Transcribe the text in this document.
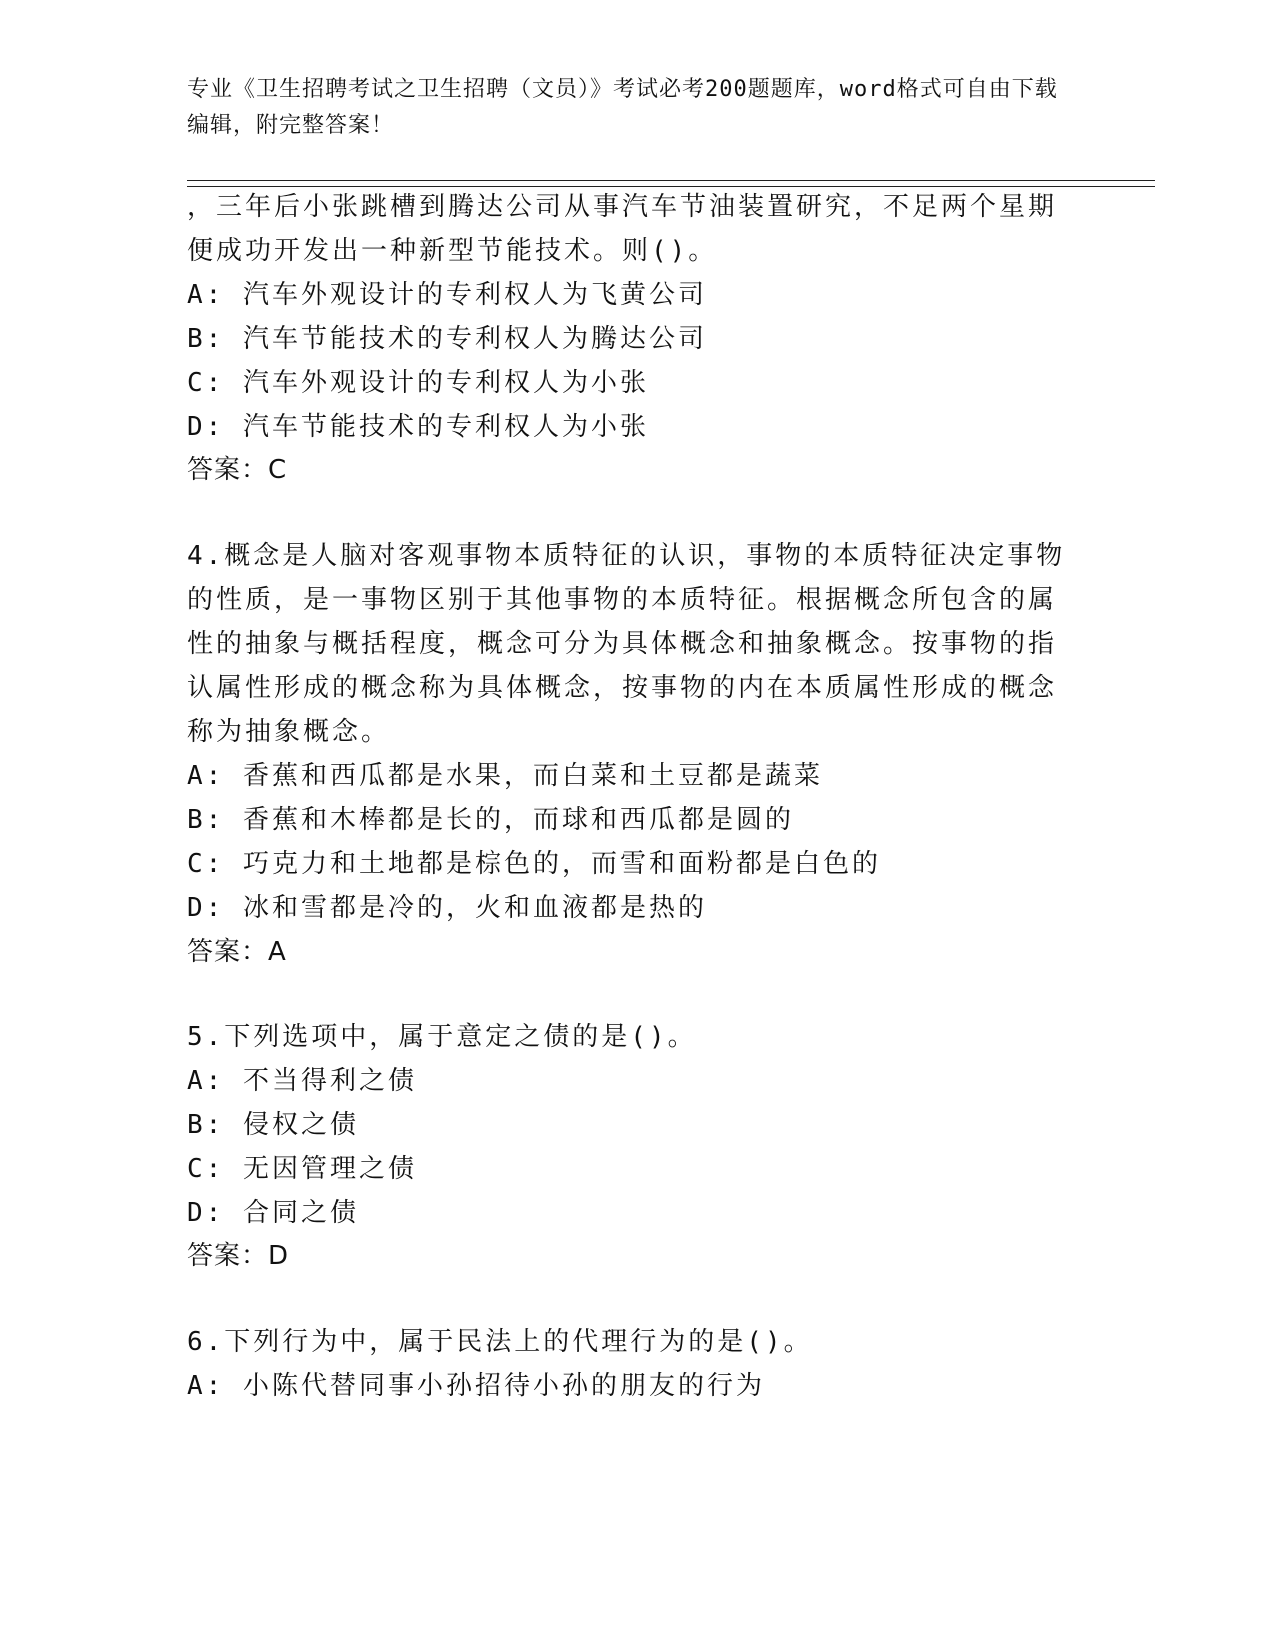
专业《卫生招聘考试之卫生招聘（文员）》考试必考200题题库，word格式可自由下载编辑，附完整答案！
，三年后小张跳槽到腾达公司从事汽车节油装置研究，不足两个星期
便成功开发出一种新型节能技术。则()。
A: 汽车外观设计的专利权人为飞黄公司
B: 汽车节能技术的专利权人为腾达公司
C: 汽车外观设计的专利权人为小张
D: 汽车节能技术的专利权人为小张
答案：C
4.概念是人脑对客观事物本质特征的认识，事物的本质特征决定事物
的性质，是一事物区别于其他事物的本质特征。根据概念所包含的属
性的抽象与概括程度，概念可分为具体概念和抽象概念。按事物的指
认属性形成的概念称为具体概念，按事物的内在本质属性形成的概念
称为抽象概念。
A: 香蕉和西瓜都是水果，而白菜和土豆都是蔬菜
B: 香蕉和木棒都是长的，而球和西瓜都是圆的
C: 巧克力和土地都是棕色的，而雪和面粉都是白色的
D: 冰和雪都是冷的，火和血液都是热的
答案：A
5.下列选项中，属于意定之债的是()。
A: 不当得利之债
B: 侵权之债
C: 无因管理之债
D: 合同之债
答案：D
6.下列行为中，属于民法上的代理行为的是()。
A: 小陈代替同事小孙招待小孙的朋友的行为
